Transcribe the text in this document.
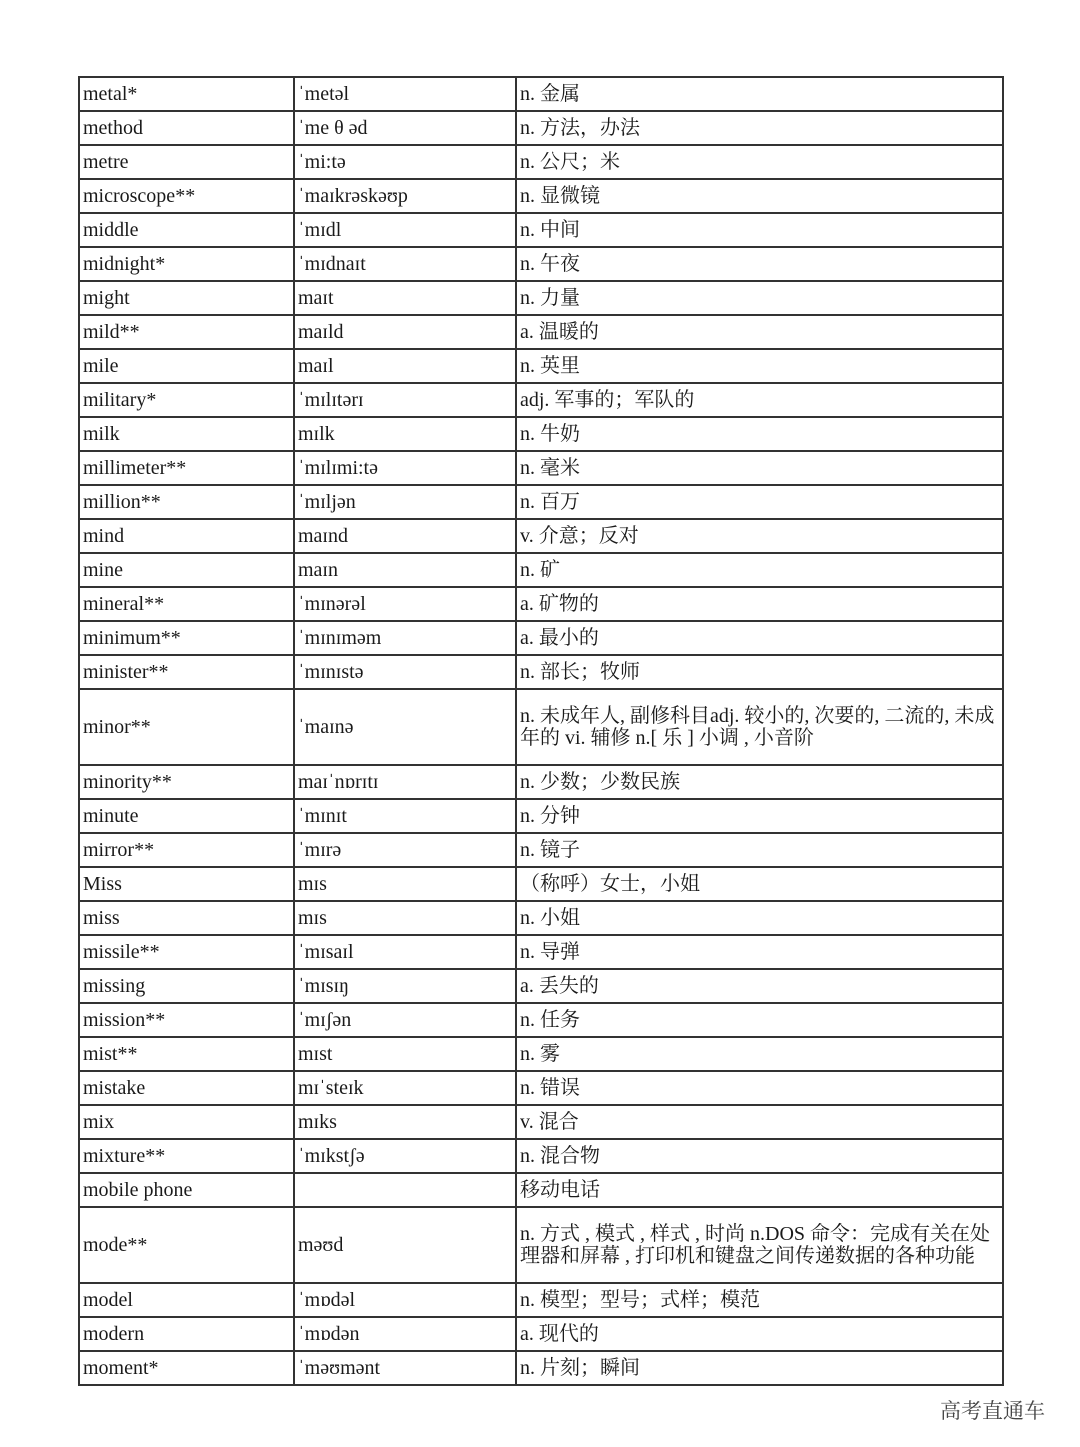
metal*	ˈmetəl	n. 金属
method	ˈme θ əd	n. 方法，办法
metre	ˈmi:tə	n. 公尺；米
microscope**	ˈmaɪkrəskəʊp	n. 显微镜
middle	ˈmɪdl	n. 中间
midnight*	ˈmɪdnaɪt	n. 午夜
might	maɪt	n. 力量
mild**	maɪld	a. 温暖的
mile	maɪl	n. 英里
military*	ˈmɪlɪtərɪ	adj. 军事的；军队的
milk	mɪlk	n. 牛奶
millimeter**	ˈmɪlɪmi:tə	n. 毫米
million**	ˈmɪljən	n. 百万
mind	maɪnd	v. 介意；反对
mine	maɪn	n. 矿
mineral**	ˈmɪnərəl	a. 矿物的
minimum**	ˈmɪnɪməm	a. 最小的
minister**	ˈmɪnɪstə	n. 部长；牧师
minor**	ˈmaɪnə	n. 未成年人, 副修科目adj. 较小的, 次要的, 二流的, 未成年的 vi. 辅修 n.[ 乐 ] 小调 , 小音阶
minority**	maɪˈnɒrɪtɪ	n. 少数；少数民族
minute	ˈmɪnɪt	n. 分钟
mirror**	ˈmɪrə	n. 镜子
Miss	mɪs	（称呼）女士，小姐
miss	mɪs	n. 小姐
missile**	ˈmɪsaɪl	n. 导弹
missing	ˈmɪsɪŋ	a. 丢失的
mission**	ˈmɪʃən	n. 任务
mist**	mɪst	n. 雾
mistake	mɪˈsteɪk	n. 错误
mix	mɪks	v. 混合
mixture**	ˈmɪkstʃə	n. 混合物
mobile phone		移动电话
mode**	məʊd	n. 方式 , 模式 , 样式 , 时尚 n.DOS 命令：完成有关在处理器和屏幕 , 打印机和键盘之间传递数据的各种功能
model	ˈmɒdəl	n. 模型；型号；式样；模范
modern	ˈmɒdən	a. 现代的
moment*	ˈməʊmənt	n. 片刻；瞬间
高考直通车
